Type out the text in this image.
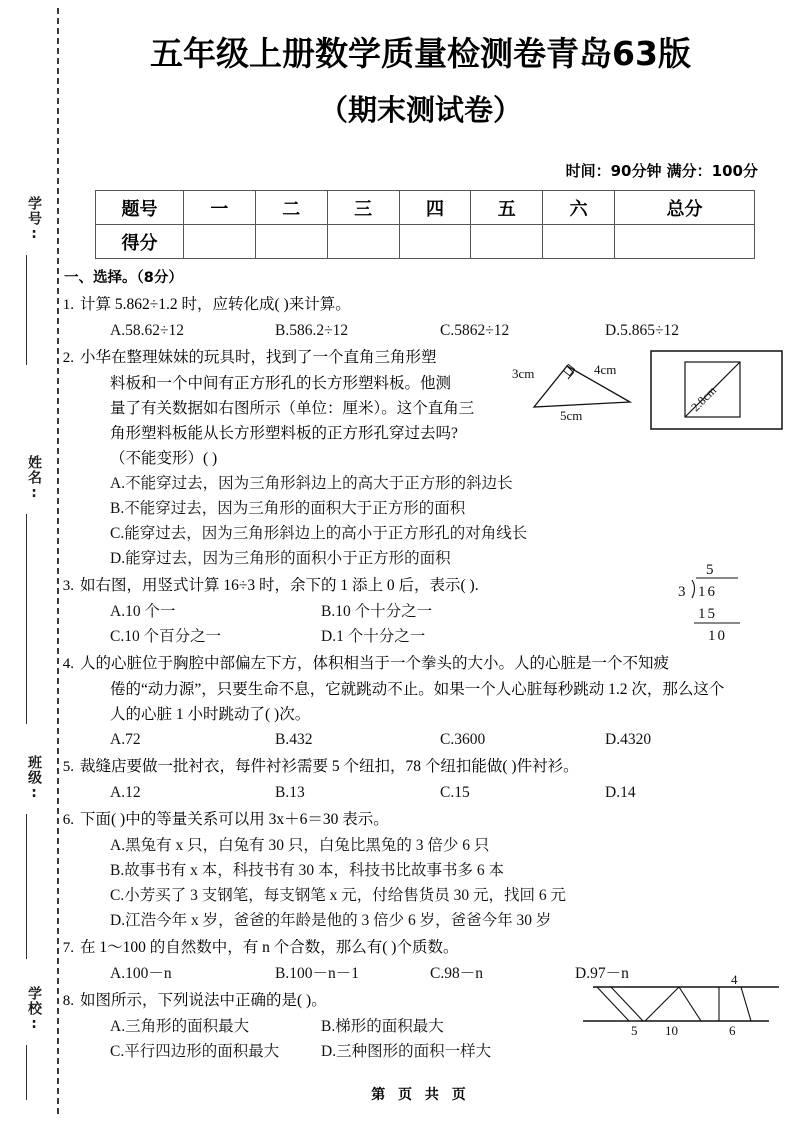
学号:
姓名:
班级:
学校:
五年级上册数学质量检测卷青岛63版
（期末测试卷）
时间：90分钟 满分：100分
题号	一	二	三	四	五	六	总分
得分							
一、选择。（8分）
1. 计算 5.862÷1.2 时，应转化成( )来计算。
A.58.62÷12	B.586.2÷12	C.5862÷12	D.5.865÷12
2. 小华在整理妹妹的玩具时，找到了一个直角三角形塑
料板和一个中间有正方形孔的长方形塑料板。他测
量了有关数据如右图所示（单位：厘米）。这个直角三
角形塑料板能从长方形塑料板的正方形孔穿过去吗?
（不能变形）( )
A.不能穿过去，因为三角形斜边上的高大于正方形的斜边长
B.不能穿过去，因为三角形的面积大于正方形的面积
C.能穿过去，因为三角形斜边上的高小于正方形孔的对角线长
D.能穿过去，因为三角形的面积小于正方形的面积
3. 如右图，用竖式计算 16÷3 时，余下的 1 添上 0 后，表示( ).
A.10 个一	B.10 个十分之一
C.10 个百分之一	D.1 个十分之一
4. 人的心脏位于胸腔中部偏左下方，体积相当于一个拳头的大小。人的心脏是一个不知疲
倦的“动力源”，只要生命不息，它就跳动不止。如果一个人心脏每秒跳动 1.2 次，那么这个
人的心脏 1 小时跳动了( )次。
A.72	B.432	C.3600	D.4320
5. 裁缝店要做一批衬衣，每件衬衫需要 5 个纽扣，78 个纽扣能做( )件衬衫。
A.12	B.13	C.15	D.14
6. 下面( )中的等量关系可以用 3x＋6＝30 表示。
A.黑兔有 x 只，白兔有 30 只，白兔比黑兔的 3 倍少 6 只
B.故事书有 x 本，科技书有 30 本，科技书比故事书多 6 本
C.小芳买了 3 支钢笔，每支钢笔 x 元，付给售货员 30 元，找回 6 元
D.江浩今年 x 岁，爸爸的年龄是他的 3 倍少 6 岁，爸爸今年 30 岁
7. 在 1～100 的自然数中，有 n 个合数，那么有( )个质数。
A.100－n	B.100－n－1	C.98－n	D.97－n
8. 如图所示，下列说法中正确的是( )。
A.三角形的面积最大	B.梯形的面积最大
C.平行四边形的面积最大	D.三种图形的面积一样大
3cm	4cm
5cm
2.8cm
5
3 16
15
10
4
5 10	6
第 页 共 页
